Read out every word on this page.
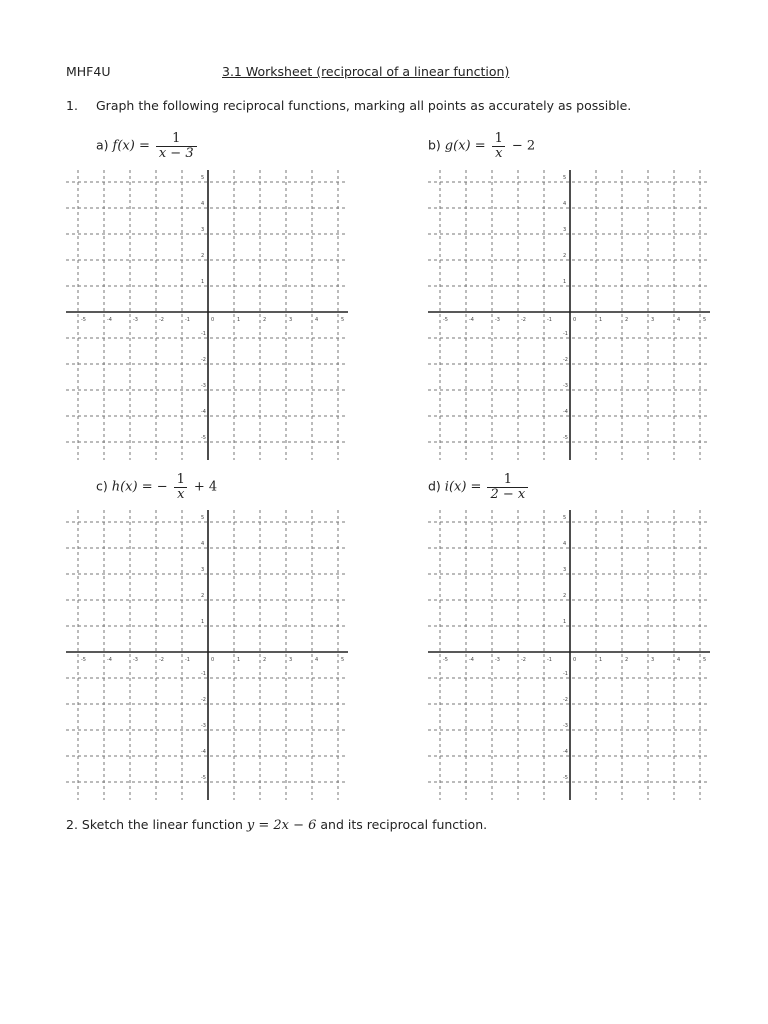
MHF4U	3.1 Worksheet (reciprocal of a linear function)
1. Graph the following reciprocal functions, marking all points as accurately as possible.
a) $f(x) = \frac{1}{x - 3}$	b) $g(x) = \frac{1}{x} - 2$
c) h(x) = − $\frac{1}{x} + 4$	d) $i(x) = \frac{1}{2 - x}$
-5	-4	-3	-2	-1	0	1	2	3	4	5
5
4
3
2
1
-1
-2
-3
-4
-5
-5	-4	-3	-2	-1	0	1	2	3	4	5
5
4
3
2
1
-1
-2
-3
-4
-5
-5	-4	-3	-2	-1	0	1	2	3	4	5
5
4
3
2
1
-1
-2
-3
-4
-5
-5	-4	-3	-2	-1	0	1	2	3	4	5
5
4
3
2
1
-1
-2
-3
-4
-5
2. Sketch the linear function y = 2x − 6 and its reciprocal function.
